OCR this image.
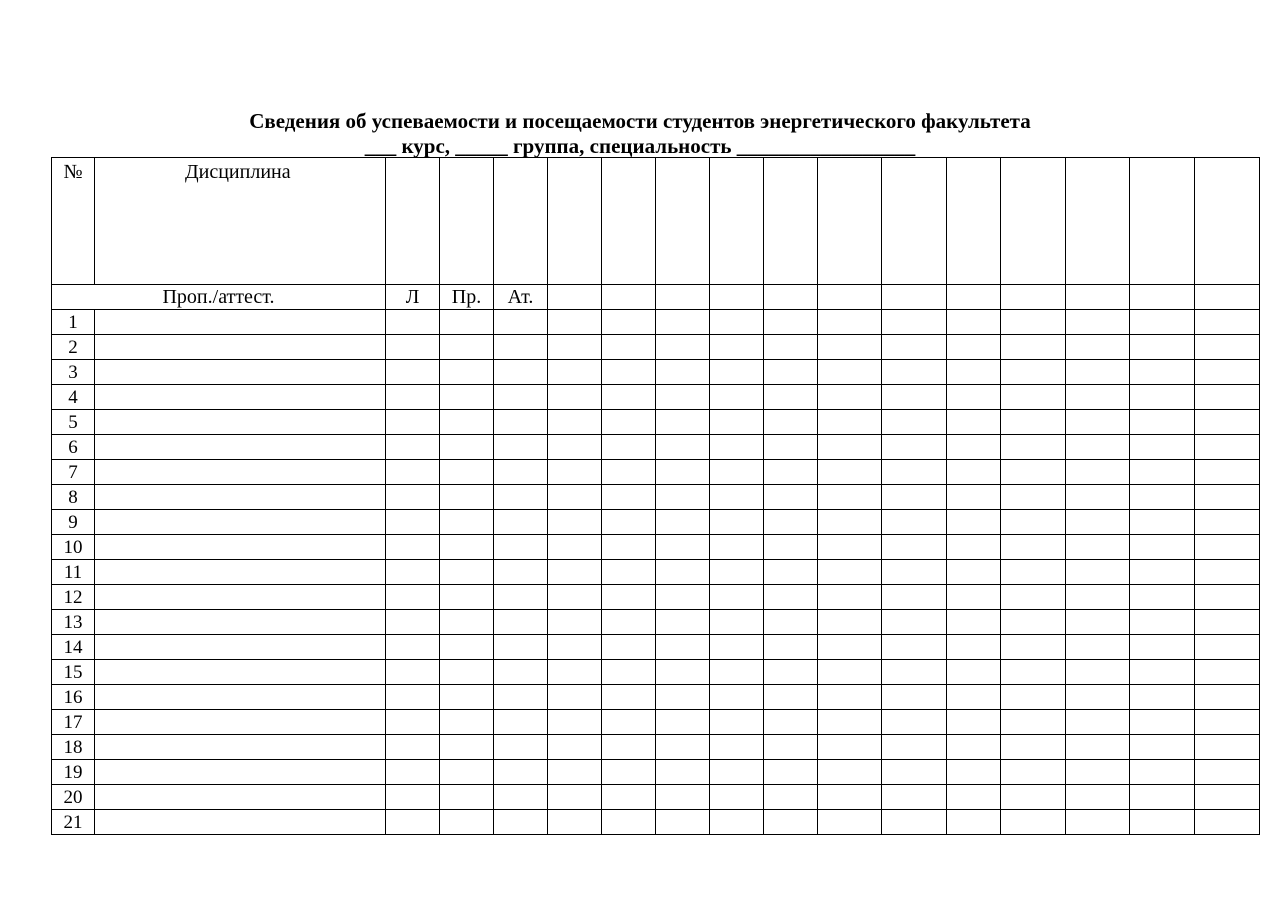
Сведения об успеваемости и посещаемости студентов энергетического факультета
___ курс, _____ группа, специальность _________________
№	Дисциплина															
Проп./аттест.		Л	Пр.	Ат.												
1																
2																
3																
4																
5																
6																
7																
8																
9																
10																
11																
12																
13																
14																
15																
16																
17																
18																
19																
20																
21																
